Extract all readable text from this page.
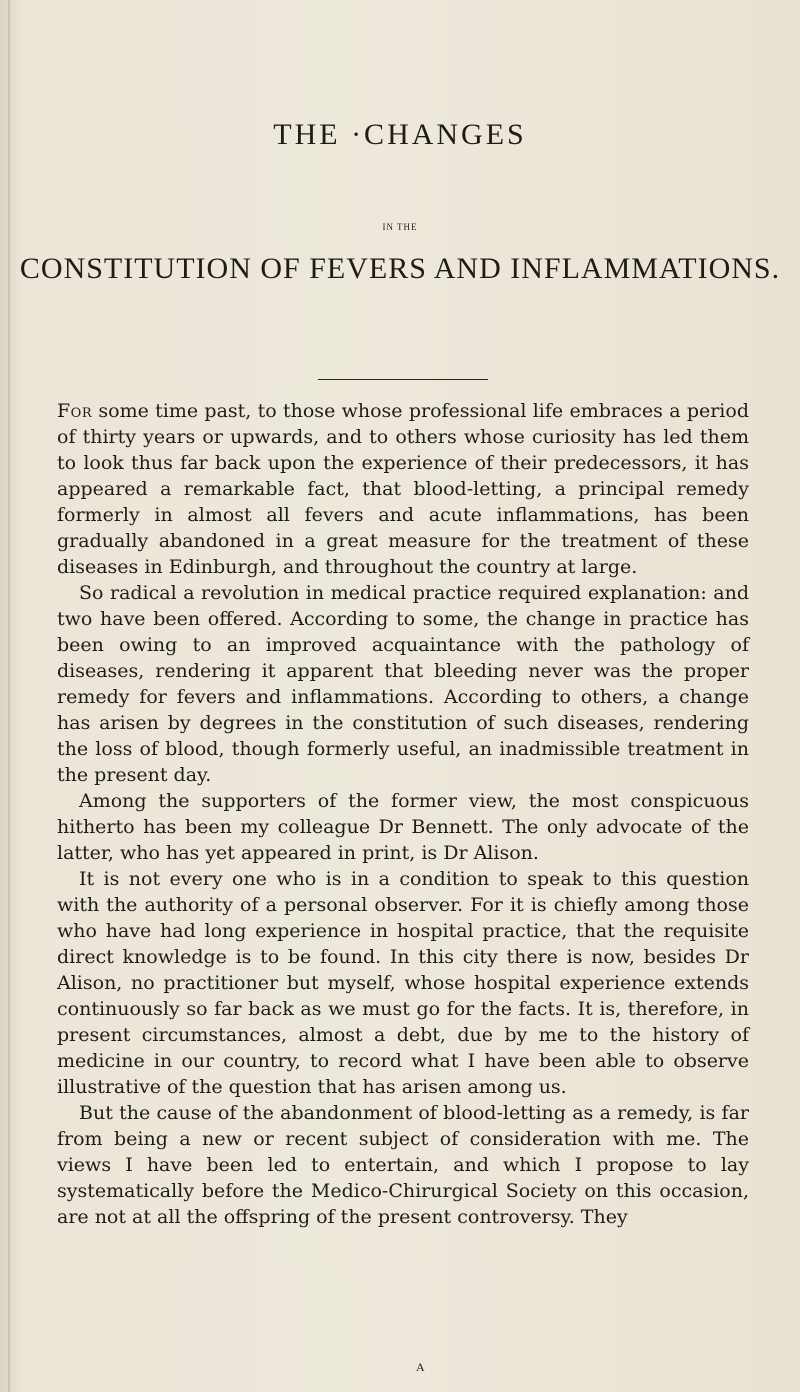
THE ·CHANGES
IN THE
CONSTITUTION OF FEVERS AND INFLAMMATIONS.

For some time past, to those whose professional life embraces a period of thirty years or upwards, and to others whose curiosity has led them to look thus far back upon the experience of their predecessors, it has appeared a remarkable fact, that blood-letting, a principal remedy formerly in almost all fevers and acute inflammations, has been gradually abandoned in a great measure for the treatment of these diseases in Edinburgh, and throughout the country at large.

So radical a revolution in medical practice required explanation: and two have been offered. According to some, the change in practice has been owing to an improved acquaintance with the pathology of diseases, rendering it apparent that bleeding never was the proper remedy for fevers and inflammations. According to others, a change has arisen by degrees in the constitution of such diseases, rendering the loss of blood, though formerly useful, an inadmissible treatment in the present day.

Among the supporters of the former view, the most conspicuous hitherto has been my colleague Dr Bennett. The only advocate of the latter, who has yet appeared in print, is Dr Alison.

It is not every one who is in a condition to speak to this question with the authority of a personal observer. For it is chiefly among those who have had long experience in hospital practice, that the requisite direct knowledge is to be found. In this city there is now, besides Dr Alison, no practitioner but myself, whose hospital experience extends continuously so far back as we must go for the facts. It is, therefore, in present circumstances, almost a debt, due by me to the history of medicine in our country, to record what I have been able to observe illustrative of the question that has arisen among us.

But the cause of the abandonment of blood-letting as a remedy, is far from being a new or recent subject of consideration with me. The views I have been led to entertain, and which I propose to lay systematically before the Medico-Chirurgical Society on this occasion, are not at all the offspring of the present controversy. They

A
